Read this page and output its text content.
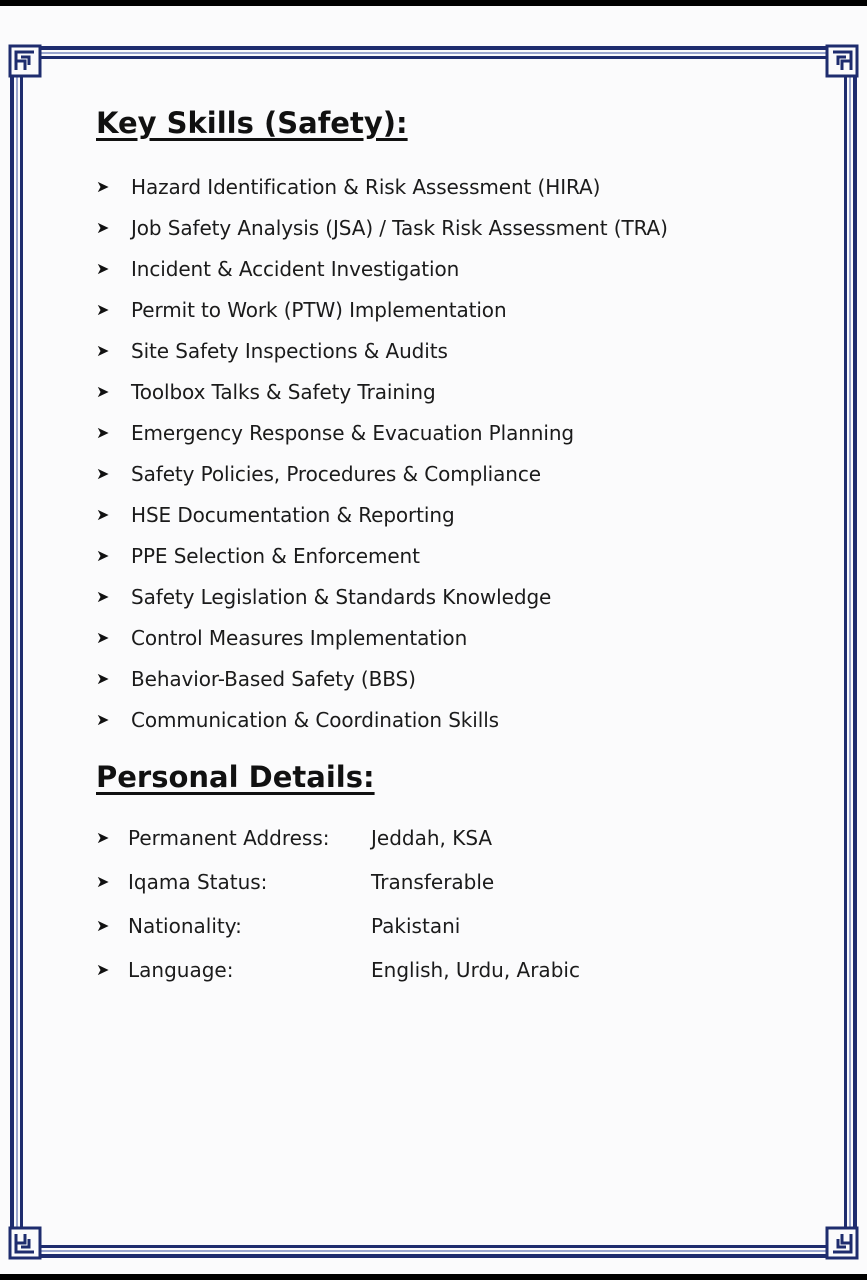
Key Skills (Safety):
➤	Hazard Identification & Risk Assessment (HIRA)
➤	Job Safety Analysis (JSA) / Task Risk Assessment (TRA)
➤	Incident & Accident Investigation
➤	Permit to Work (PTW) Implementation
➤	Site Safety Inspections & Audits
➤	Toolbox Talks & Safety Training
➤	Emergency Response & Evacuation Planning
➤	Safety Policies, Procedures & Compliance
➤	HSE Documentation & Reporting
➤	PPE Selection & Enforcement
➤	Safety Legislation & Standards Knowledge
➤	Control Measures Implementation
➤	Behavior-Based Safety (BBS)
➤	Communication & Coordination Skills
Personal Details:
➤ Permanent Address:	Jeddah, KSA
➤ Iqama Status:	Transferable
➤ Nationality:	Pakistani
➤ Language:	English, Urdu, Arabic
